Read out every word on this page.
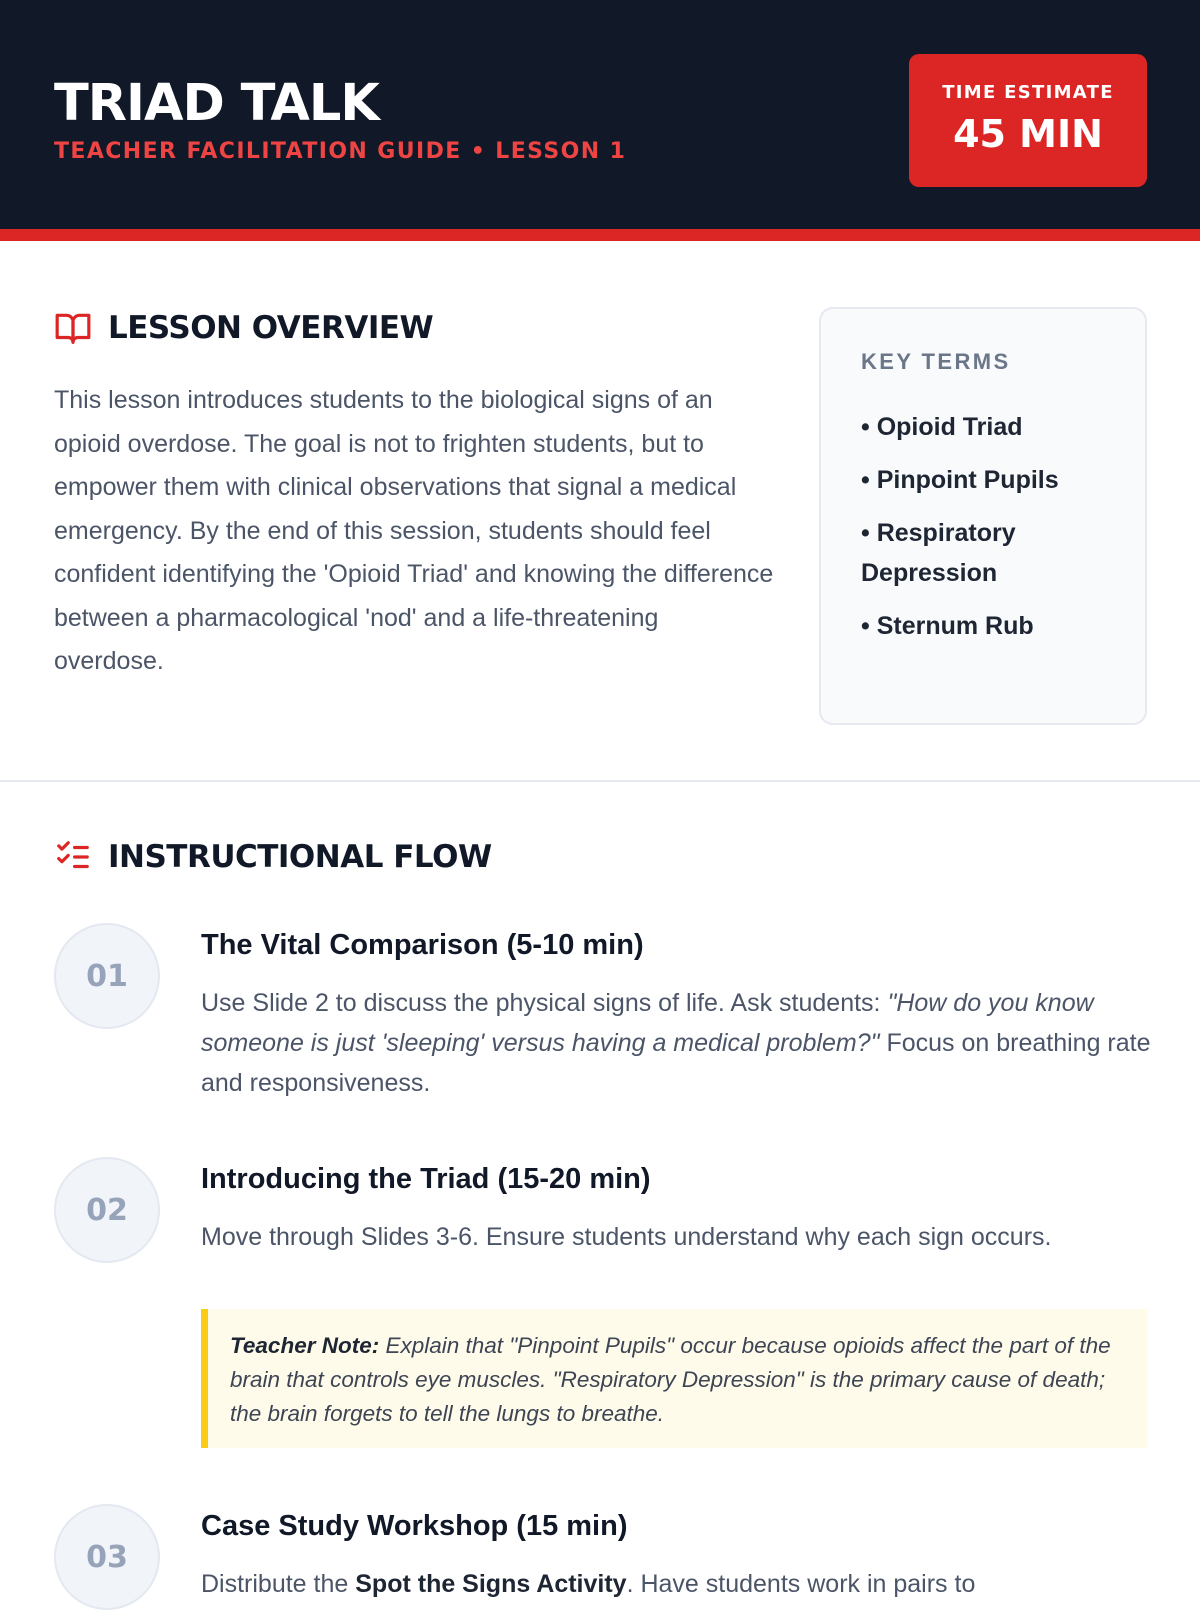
TRIAD TALK
TEACHER FACILITATION GUIDE • LESSON 1
TIME ESTIMATE
45 MIN
LESSON OVERVIEW

This lesson introduces students to the biological signs of an opioid overdose. The goal is not to frighten students, but to empower them with clinical observations that signal a medical emergency. By the end of this session, students should feel confident identifying the 'Opioid Triad' and knowing the difference between a pharmacological 'nod' and a life-threatening overdose.

KEY TERMS
• Opioid Triad
• Pinpoint Pupils
• Respiratory Depression
• Sternum Rub
INSTRUCTIONAL FLOW
01
The Vital Comparison (5-10 min)
Use Slide 2 to discuss the physical signs of life. Ask students: "How do you know someone is just 'sleeping' versus having a medical problem?" Focus on breathing rate and responsiveness.
02
Introducing the Triad (15-20 min)
Move through Slides 3-6. Ensure students understand why each sign occurs.
Teacher Note: Explain that "Pinpoint Pupils" occur because opioids affect the part of the brain that controls eye muscles. "Respiratory Depression" is the primary cause of death; the brain forgets to tell the lungs to breathe.
03
Case Study Workshop (15 min)
Distribute the Spot the Signs Activity. Have students work in pairs to
